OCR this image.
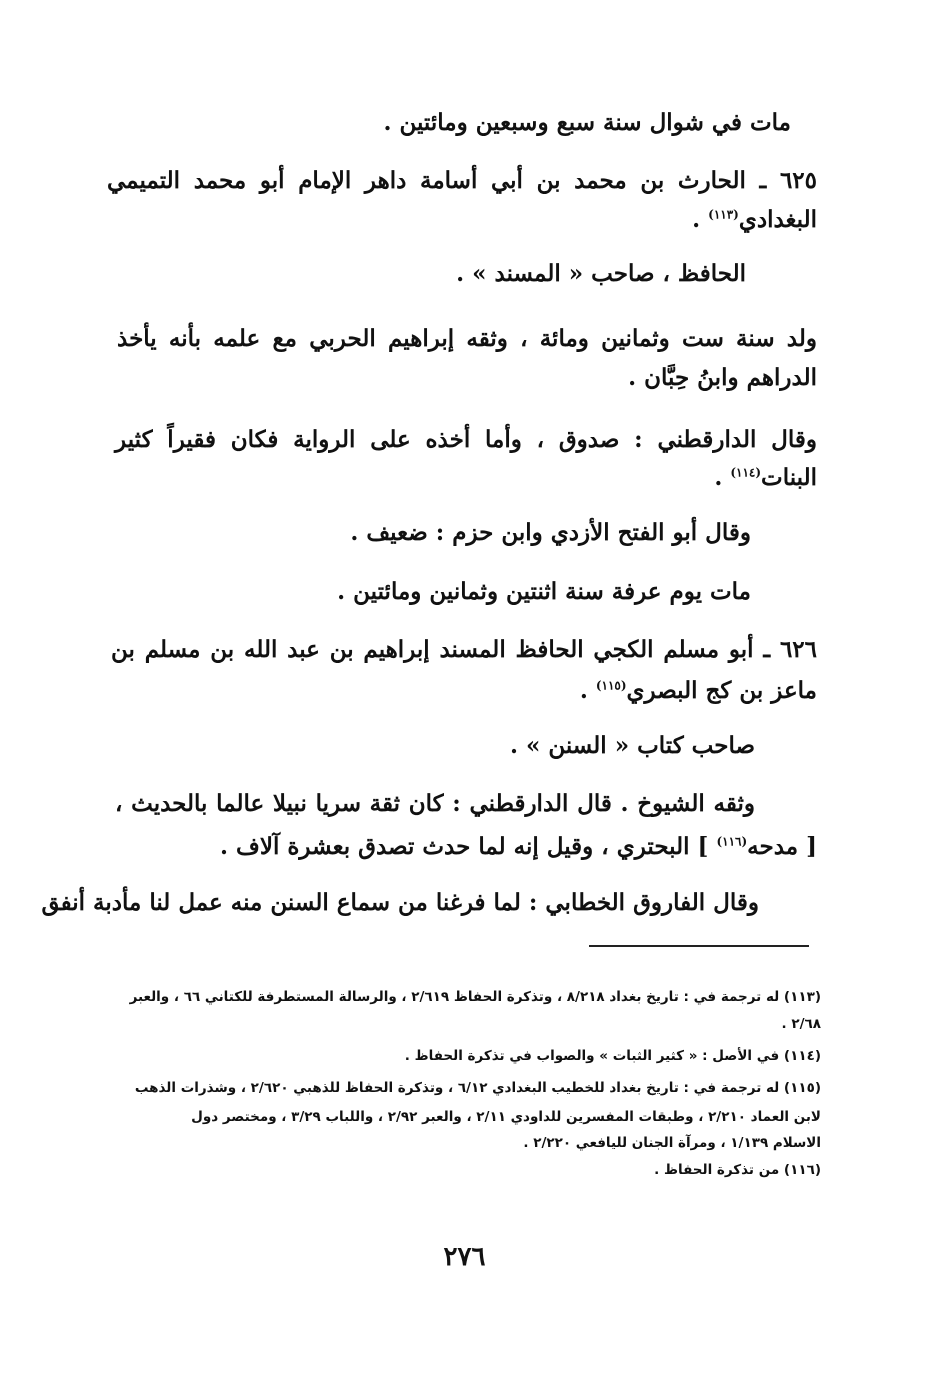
مات في شوال سنة سبع وسبعين ومائتين .
٦٢٥ ـ الحارث بن محمد بن أبي أسامة داهر الإمام أبو محمد التميمي
البغدادي$^{(١١٣)}$ .
الحافظ ، صاحب « المسند » .
ولد سنة ست وثمانين ومائة ، وثقه إبراهيم الحربي مع علمه بأنه يأخذ
الدراهم وابنُ حِبَّان .
وقال الدارقطني : صدوق ، وأما أخذه على الرواية فكان فقيراً كثير
البنات$^{(١١٤)}$ .
وقال أبو الفتح الأزدي وابن حزم : ضعيف .
مات يوم عرفة سنة اثنتين وثمانين ومائتين .
٦٢٦ ـ أبو مسلم الكجي الحافظ المسند إبراهيم بن عبد الله بن مسلم بن
ماعز بن كج البصري$^{(١١٥)}$ .
صاحب كتاب « السنن » .
وثقه الشيوخ . قال الدارقطني : كان ثقة سريا نبيلا عالما بالحديث ،
[ مدحه$^{(١١٦)}$ ] البحتري ، وقيل إنه لما حدث تصدق بعشرة آلاف .
وقال الفاروق الخطابي : لما فرغنا من سماع السنن منه عمل لنا مأدبة أنفق
(١١٣) له ترجمة في : تاريخ بغداد ٨/٢١٨ ، وتذكرة الحفاظ ٢/٦١٩ ، والرسالة المستطرفة للكتاني ٦٦ ، والعبر
٢/٦٨ .
(١١٤) في الأصل : « كثير الثبات » والصواب في تذكرة الحفاظ .
(١١٥) له ترجمة في : تاريخ بغداد للخطيب البغدادي ٦/١٢ ، وتذكرة الحفاظ للذهبي ٢/٦٢٠ ، وشذرات الذهب
لابن العماد ٢/٢١٠ ، وطبقات المفسرين للداودي ٢/١١ ، والعبر ٢/٩٢ ، واللباب ٣/٢٩ ، ومختصر دول
الاسلام ١/١٣٩ ، ومرآة الجنان لليافعي ٢/٢٢٠ .
(١١٦) من تذكرة الحفاظ .
٢٧٦
